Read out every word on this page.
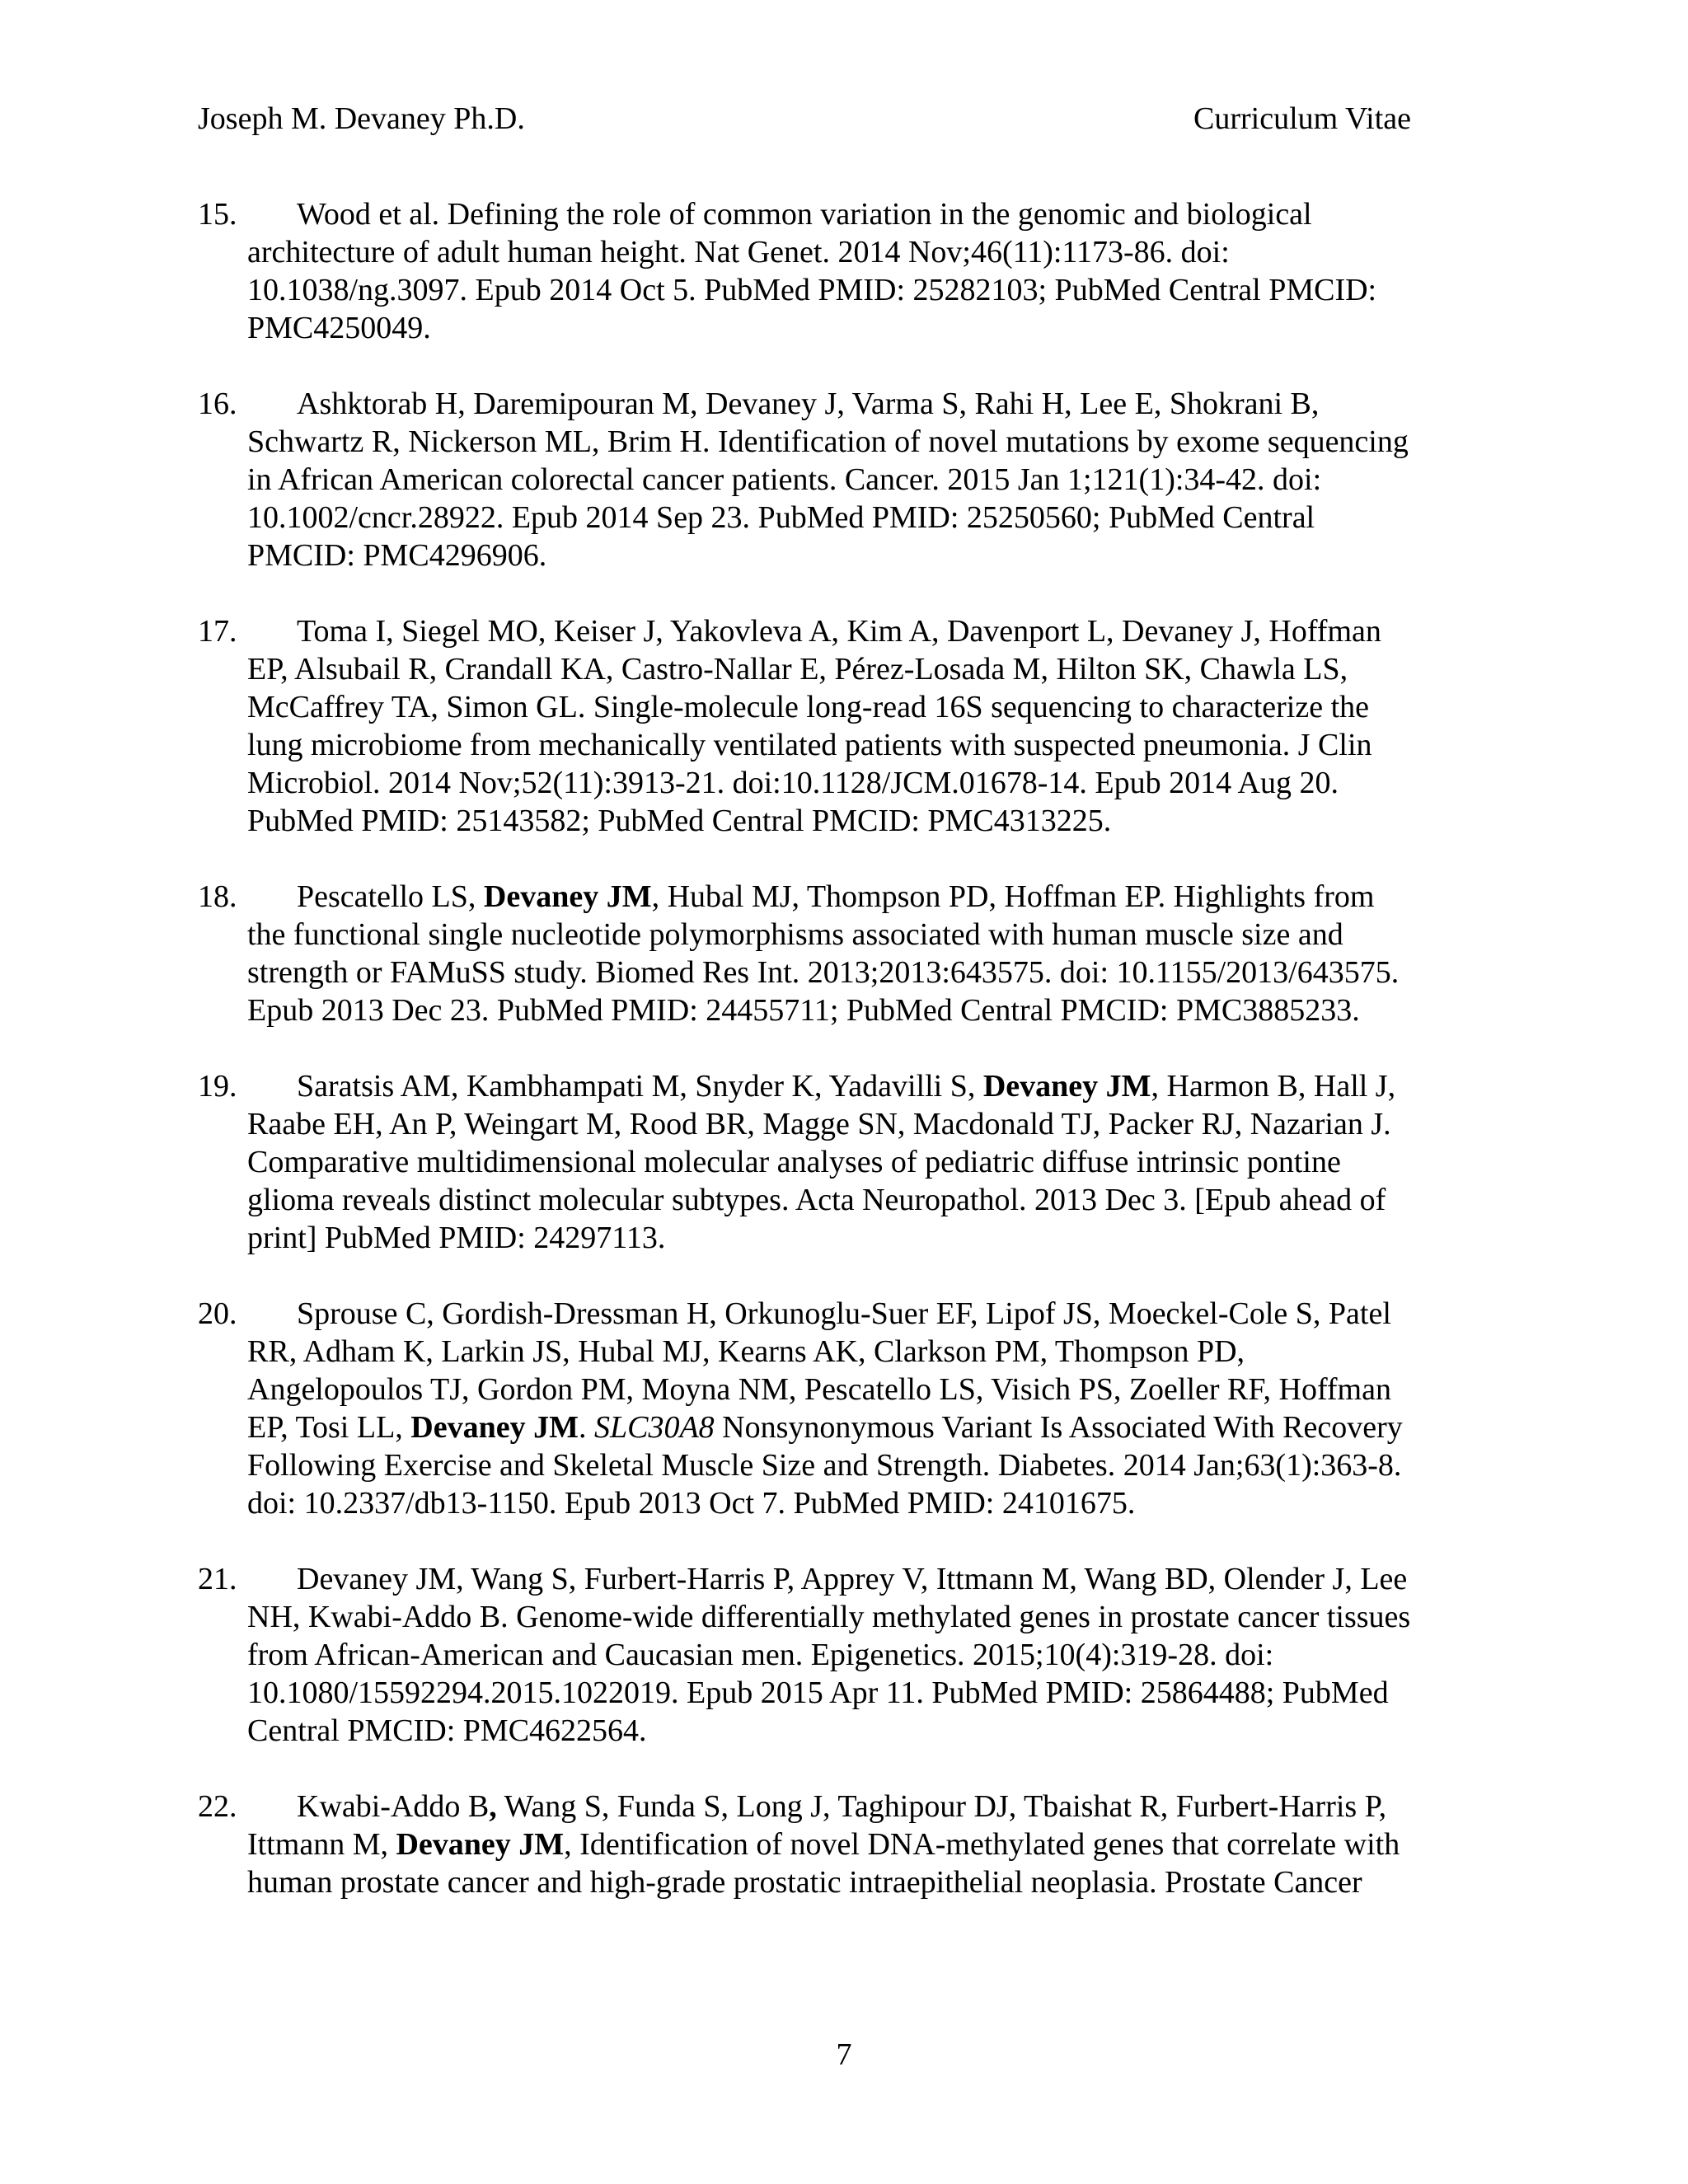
Joseph M. Devaney Ph.D.	Curriculum Vitae
15.	Wood et al. Defining the role of common variation in the genomic and biological
architecture of adult human height. Nat Genet. 2014 Nov;46(11):1173-86. doi:
10.1038/ng.3097. Epub 2014 Oct 5. PubMed PMID: 25282103; PubMed Central PMCID:
PMC4250049.
16.	Ashktorab H, Daremipouran M, Devaney J, Varma S, Rahi H, Lee E, Shokrani B,
Schwartz R, Nickerson ML, Brim H. Identification of novel mutations by exome sequencing
in African American colorectal cancer patients. Cancer. 2015 Jan 1;121(1):34-42. doi:
10.1002/cncr.28922. Epub 2014 Sep 23. PubMed PMID: 25250560; PubMed Central
PMCID: PMC4296906.
17.	Toma I, Siegel MO, Keiser J, Yakovleva A, Kim A, Davenport L, Devaney J, Hoffman
EP, Alsubail R, Crandall KA, Castro-Nallar E, Pérez-Losada M, Hilton SK, Chawla LS,
McCaffrey TA, Simon GL. Single-molecule long-read 16S sequencing to characterize the
lung microbiome from mechanically ventilated patients with suspected pneumonia. J Clin
Microbiol. 2014 Nov;52(11):3913-21. doi:10.1128/JCM.01678-14. Epub 2014 Aug 20.
PubMed PMID: 25143582; PubMed Central PMCID: PMC4313225.
18.	Pescatello LS, Devaney JM, Hubal MJ, Thompson PD, Hoffman EP. Highlights from
the functional single nucleotide polymorphisms associated with human muscle size and
strength or FAMuSS study. Biomed Res Int. 2013;2013:643575. doi: 10.1155/2013/643575.
Epub 2013 Dec 23. PubMed PMID: 24455711; PubMed Central PMCID: PMC3885233.
19.	Saratsis AM, Kambhampati M, Snyder K, Yadavilli S, Devaney JM, Harmon B, Hall J,
Raabe EH, An P, Weingart M, Rood BR, Magge SN, Macdonald TJ, Packer RJ, Nazarian J.
Comparative multidimensional molecular analyses of pediatric diffuse intrinsic pontine
glioma reveals distinct molecular subtypes. Acta Neuropathol. 2013 Dec 3. [Epub ahead of
print] PubMed PMID: 24297113.
20.	Sprouse C, Gordish-Dressman H, Orkunoglu-Suer EF, Lipof JS, Moeckel-Cole S, Patel
RR, Adham K, Larkin JS, Hubal MJ, Kearns AK, Clarkson PM, Thompson PD,
Angelopoulos TJ, Gordon PM, Moyna NM, Pescatello LS, Visich PS, Zoeller RF, Hoffman
EP, Tosi LL, Devaney JM. SLC30A8 Nonsynonymous Variant Is Associated With Recovery
Following Exercise and Skeletal Muscle Size and Strength. Diabetes. 2014 Jan;63(1):363-8.
doi: 10.2337/db13-1150. Epub 2013 Oct 7. PubMed PMID: 24101675.
21.	Devaney JM, Wang S, Furbert-Harris P, Apprey V, Ittmann M, Wang BD, Olender J, Lee
NH, Kwabi-Addo B. Genome-wide differentially methylated genes in prostate cancer tissues
from African-American and Caucasian men. Epigenetics. 2015;10(4):319-28. doi:
10.1080/15592294.2015.1022019. Epub 2015 Apr 11. PubMed PMID: 25864488; PubMed
Central PMCID: PMC4622564.
22.	Kwabi-Addo B, Wang S, Funda S, Long J, Taghipour DJ, Tbaishat R, Furbert-Harris P,
Ittmann M, Devaney JM, Identification of novel DNA-methylated genes that correlate with
human prostate cancer and high-grade prostatic intraepithelial neoplasia. Prostate Cancer
7
